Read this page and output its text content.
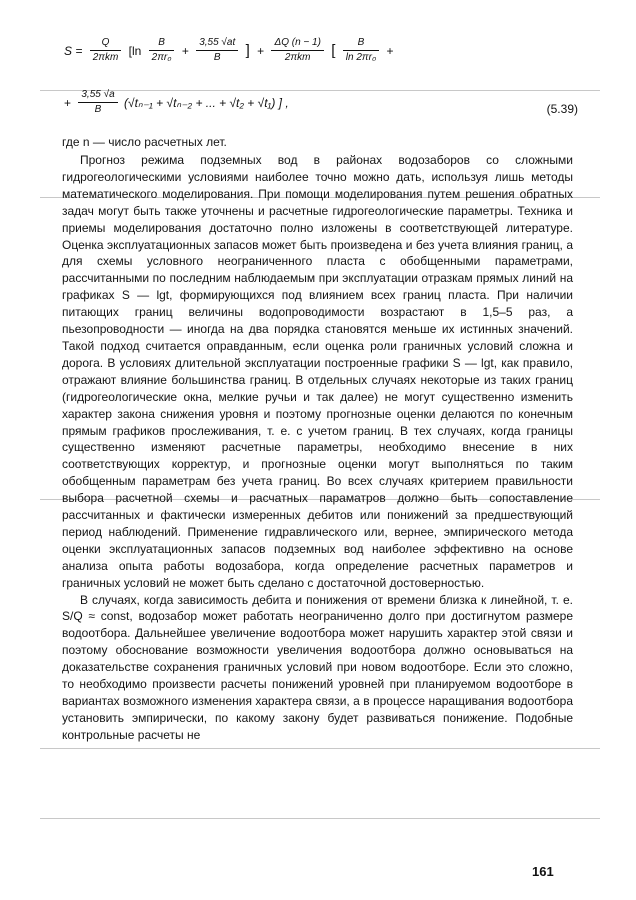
$S = \frac{Q}{\text{2πkm}} [\ln \frac{B}{\text{2πr₀}} + \frac{3,55 √at}{B}$ ] + $\frac{\Delta Q (n - 1)}{\text{2πkm}}$ [ $\frac{B}{\text{ln 2πr₀}}$ +
+ $\frac{3,55 √a}{B} (√t_{n-1} + √t_{n-2}$ + ... + √t₂ + √t₁) ] ,	(5.39)
где n — число расчетных лет.

Прогноз режима подземных вод в районах водозаборов со сложными гидрогеологическими условиями наиболее точно можно дать, используя лишь методы математического моделирования. При помощи моделирования путем решения обратных задач могут быть также уточнены и расчетные гидрогеологические параметры. Техника и приемы моделирования достаточно полно изложены в соответствующей литературе. Оценка эксплуатационных запасов может быть произведена и без учета влияния границ, а для схемы условного неограниченного пласта с обобщенными параметрами, рассчитанными по последним наблюдаемым при эксплуатации отразкам прямых линий на графиках S — lgt, формирующихся под влиянием всех границ пласта. При наличии питающих границ величины водопроводимости возрастают в 1,5–5 раз, а пьезопроводности — иногда на два порядка становятся меньше их истинных значений. Такой подход считается оправданным, если оценка роли граничных условий сложна и дорога. В условиях длительной эксплуатации построенные графики S — lgt, как правило, отражают влияние большинства границ. В отдельных случаях некоторые из таких границ (гидрогеологические окна, мелкие ручьи и так далее) не могут существенно изменить характер закона снижения уровня и поэтому прогнозные оценки делаются по конечным прямым графиков прослеживания, т. е. с учетом границ. В тех случаях, когда границы существенно изменяют расчетные параметры, необходимо внесение в них соответствующих корректур, и прогнозные оценки могут выполняться по таким обобщенным параметрам без учета границ. Во всех случаях критерием правильности выбора расчетной схемы и расчатных параматров должно быть сопоставление рассчитанных и фактически измеренных дебитов или понижений за предшествующий период наблюдений. Применение гидравлического или, вернее, эмпирического метода оценки эксплуатационных запасов подземных вод наиболее эффективно на основе анализа опыта работы водозабора, когда определение расчетных параметров и граничных условий не может быть сделано с достаточной достоверностью.

В случаях, когда зависимость дебита и понижения от времени близка к линейной, т. е. S/Q ≈ const, водозабор может работать неограниченно долго при достигнутом размере водоотбора. Дальнейшее увеличение водоотбора может нарушить характер этой связи и поэтому обоснование возможности увеличения водоотбора должно основываться на доказательстве сохранения граничных условий при новом водоотборе. Если это сложно, то необходимо произвести расчеты понижений уровней при планируемом водоотборе в вариантах возможного изменения характера связи, а в процессе наращивания водоотбора установить эмпирически, по какому закону будет развиваться понижение. Подобные контрольные расчеты не

161
